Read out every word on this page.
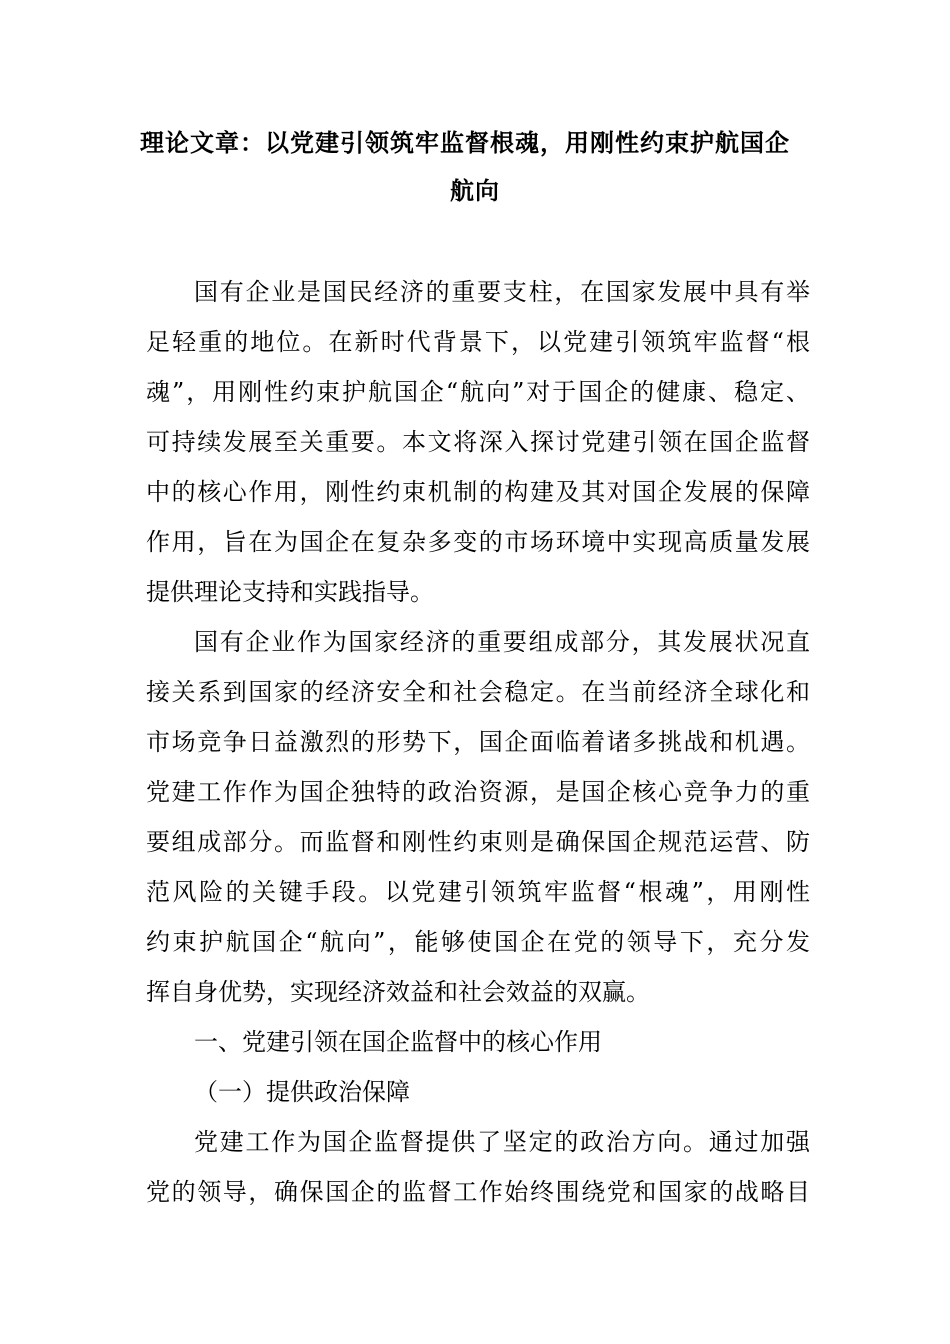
理论文章：以党建引领筑牢监督根魂，用刚性约束护航国企
航向
国有企业是国民经济的重要支柱，在国家发展中具有举
足轻重的地位。在新时代背景下，以党建引领筑牢监督“根
魂”，用刚性约束护航国企“航向”对于国企的健康、稳定、
可持续发展至关重要。本文将深入探讨党建引领在国企监督
中的核心作用，刚性约束机制的构建及其对国企发展的保障
作用，旨在为国企在复杂多变的市场环境中实现高质量发展
提供理论支持和实践指导。
国有企业作为国家经济的重要组成部分，其发展状况直
接关系到国家的经济安全和社会稳定。在当前经济全球化和
市场竞争日益激烈的形势下，国企面临着诸多挑战和机遇。
党建工作作为国企独特的政治资源，是国企核心竞争力的重
要组成部分。而监督和刚性约束则是确保国企规范运营、防
范风险的关键手段。以党建引领筑牢监督“根魂”，用刚性
约束护航国企“航向”，能够使国企在党的领导下，充分发
挥自身优势，实现经济效益和社会效益的双赢。
一、党建引领在国企监督中的核心作用
（一）提供政治保障
党建工作为国企监督提供了坚定的政治方向。通过加强
党的领导，确保国企的监督工作始终围绕党和国家的战略目
